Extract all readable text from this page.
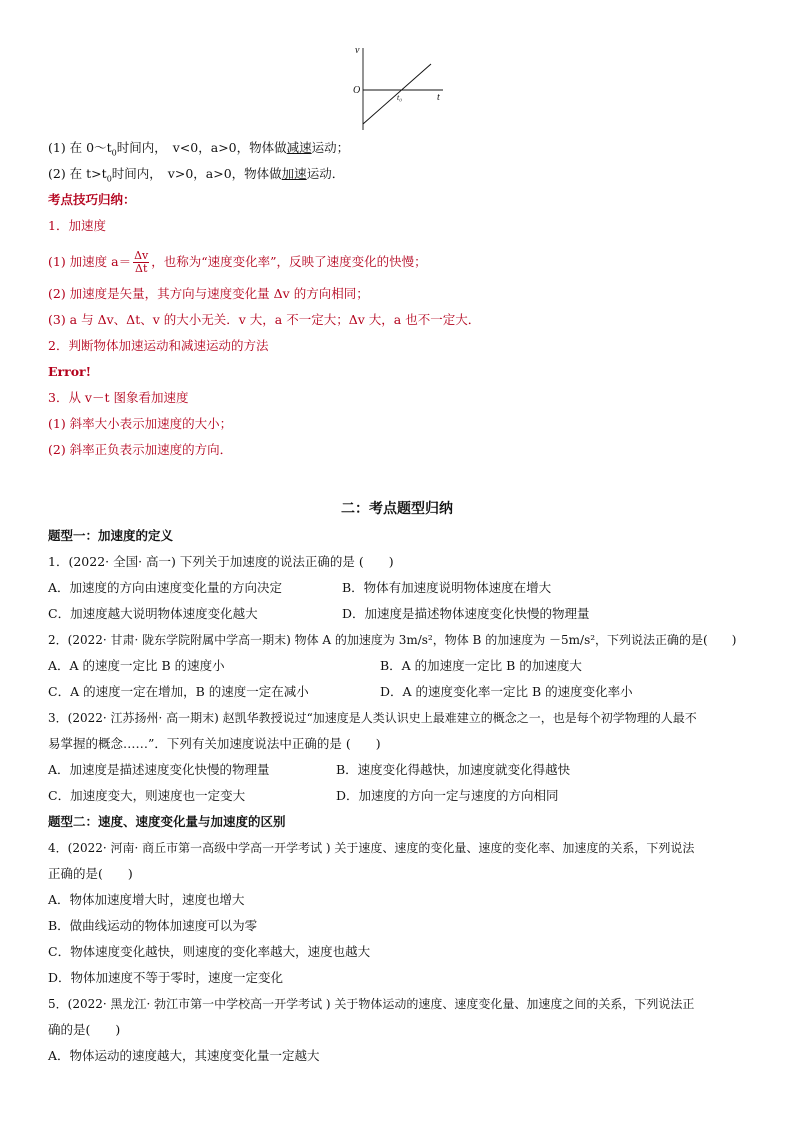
v
t
O
t₀
(1) 在 $0\sim t_0$时间内， v<0，a>0，物体做减速运动；
(2) 在 $t>t_0$时间内， v>0，a>0，物体做加速运动．
考点技巧归纳：
1．加速度
(1) 加速度 $a= \frac{\Delta v}{\Delta t}$ ，也称为“速度变化率”，反映了速度变化的快慢；
(2) 加速度是矢量，其方向与速度变化量 Δv 的方向相同；
(3) a 与 Δv、Δt、v 的大小无关．v 大，a 不一定大；Δv 大，a 也不一定大．
2．判断物体加速运动和减速运动的方法
Error!
3．从 v－t 图象看加速度
(1) 斜率大小表示加速度的大小；
(2) 斜率正负表示加速度的方向．
二：考点题型归纳
题型一：加速度的定义
1．(2022· 全国· 高一) 下列关于加速度的说法正确的是 (　　)
A．加速度的方向由速度变化量的方向决定	B．物体有加速度说明物体速度在增大
C．加速度越大说明物体速度变化越大	D．加速度是描述物体速度变化快慢的物理量
2．(2022· 甘肃· 陇东学院附属中学高一期末) 物体 A 的加速度为 3m/s²，物体 B 的加速度为 －5m/s²，下列说法正确的是(　　)
A．A 的速度一定比 B 的速度小	B．A 的加速度一定比 B 的加速度大
C．A 的速度一定在增加，B 的速度一定在减小	D．A 的速度变化率一定比 B 的速度变化率小
3．(2022· 江苏扬州· 高一期末) 赵凯华教授说过“加速度是人类认识史上最难建立的概念之一，也是每个初学物理的人最不
易掌握的概念……”．下列有关加速度说法中正确的是 (　　)
A．加速度是描述速度变化快慢的物理量	B．速度变化得越快，加速度就变化得越快
C．加速度变大，则速度也一定变大	D．加速度的方向一定与速度的方向相同
题型二：速度、速度变化量与加速度的区别
4．(2022· 河南· 商丘市第一高级中学高一开学考试 ) 关于速度、速度的变化量、速度的变化率、加速度的关系，下列说法
正确的是(　　)
A．物体加速度增大时，速度也增大
B．做曲线运动的物体加速度可以为零
C．物体速度变化越快，则速度的变化率越大，速度也越大
D．物体加速度不等于零时，速度一定变化
5．(2022· 黑龙江· 勃江市第一中学校高一开学考试 ) 关于物体运动的速度、速度变化量、加速度之间的关系，下列说法正
确的是(　　)
A．物体运动的速度越大，其速度变化量一定越大
